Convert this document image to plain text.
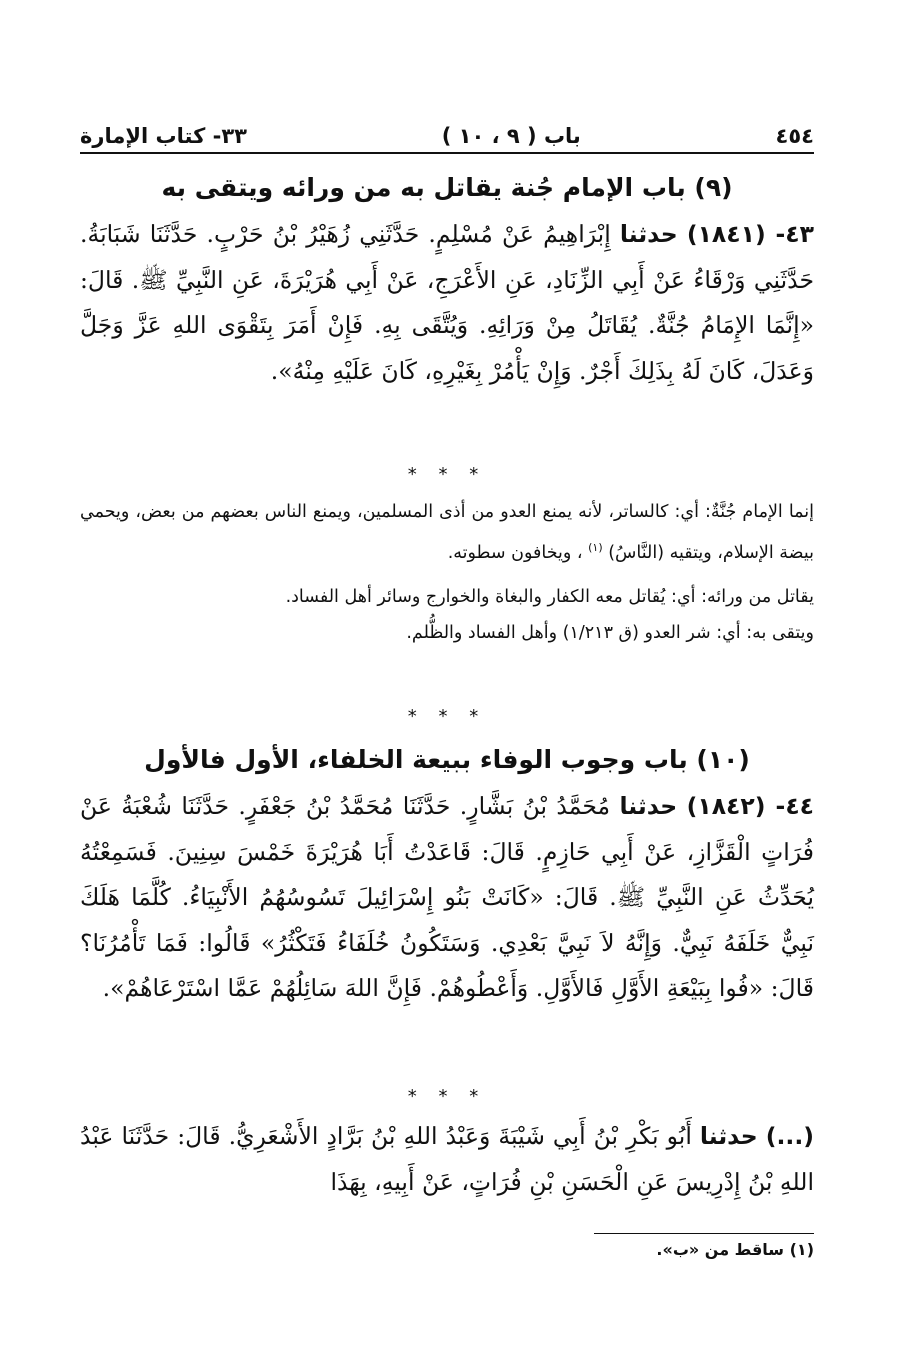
٤٥٤
باب ( ٩ ، ١٠ )
٣٣- كتاب الإمارة
(٩) باب الإمام جُنة يقاتل به من ورائه ويتقى به

٤٣- (١٨٤١) حدثنا إِبْرَاهِيمُ عَنْ مُسْلِمٍ. حَدَّثَنِي زُهَيْرُ بْنُ حَرْبٍ. حَدَّثَنَا شَبَابَةُ. حَدَّثَنِي وَرْقَاءُ عَنْ أَبِي الزِّنَادِ، عَنِ الأَعْرَجِ، عَنْ أَبِي هُرَيْرَةَ، عَنِ النَّبِيِّ ﷺ. قَالَ: «إِنَّمَا الإِمَامُ جُنَّةٌ. يُقَاتَلُ مِنْ وَرَائِهِ. وَيُتَّقَى بِهِ. فَإِنْ أَمَرَ بِتَقْوَى اللهِ عَزَّ وَجَلَّ وَعَدَلَ، كَانَ لَهُ بِذَلِكَ أَجْرٌ. وَإِنْ يَأْمُرْ بِغَيْرِهِ، كَانَ عَلَيْهِ مِنْهُ».

* * *

إنما الإمام جُنَّةٌ: أي: كالساتر، لأنه يمنع العدو من أذى المسلمين، ويمنع الناس بعضهم من بعض، ويحمي بيضة الإسلام، ويتقيه (النَّاسُ) $^{(١)}$ ، ويخافون سطوته.

يقاتل من ورائه: أي: يُقاتل معه الكفار والبغاة والخوارج وسائر أهل الفساد.

ويتقى به: أي: شر العدو (ق ١/٢١٣) وأهل الفساد والظُّلم.

* * *
(١٠) باب وجوب الوفاء ببيعة الخلفاء، الأول فالأول

٤٤- (١٨٤٢) حدثنا مُحَمَّدُ بْنُ بَشَّارٍ. حَدَّثَنَا مُحَمَّدُ بْنُ جَعْفَرٍ. حَدَّثَنَا شُعْبَةُ عَنْ فُرَاتٍ الْقَزَّازِ، عَنْ أَبِي حَازِمٍ. قَالَ: قَاعَدْتُ أَبَا هُرَيْرَةَ خَمْسَ سِنِينَ. فَسَمِعْتُهُ يُحَدِّثُ عَنِ النَّبِيِّ ﷺ. قَالَ: «كَانَتْ بَنُو إِسْرَائِيلَ تَسُوسُهُمُ الأَنْبِيَاءُ. كُلَّمَا هَلَكَ نَبِيٌّ خَلَفَهُ نَبِيٌّ. وَإِنَّهُ لاَ نَبِيَّ بَعْدِي. وَسَتَكُونُ خُلَفَاءُ فَتَكْثُرُ» قَالُوا: فَمَا تَأْمُرُنَا؟ قَالَ: «فُوا بِبَيْعَةِ الأَوَّلِ فَالأَوَّلِ. وَأَعْطُوهُمْ. فَإِنَّ اللهَ سَائِلُهُمْ عَمَّا اسْتَرْعَاهُمْ».

* * *

(...) حدثنا أَبُو بَكْرِ بْنُ أَبِي شَيْبَةَ وَعَبْدُ اللهِ بْنُ بَرَّادٍ الأَشْعَرِيُّ. قَالَ: حَدَّثَنَا عَبْدُ اللهِ بْنُ إِدْرِيسَ عَنِ الْحَسَنِ بْنِ فُرَاتٍ، عَنْ أَبِيهِ، بِهَذَا

(١) ساقط من «ب».
